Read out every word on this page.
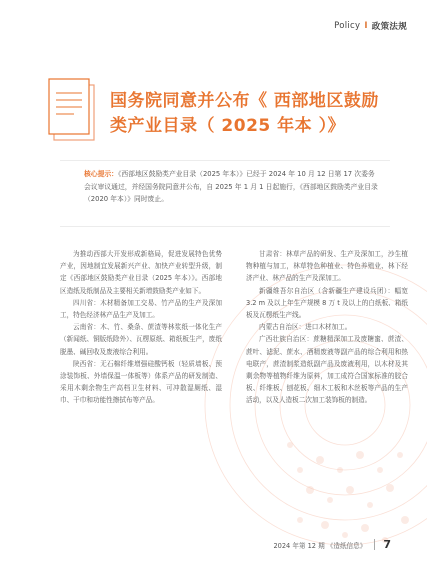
Policy I 政策法规
国务院同意并公布《 西部地区鼓励
类产业目录（ 2025 年本 ）》
核心提示：《西部地区鼓励类产业目录（2025 年本）》已经于 2024 年 10 月 12 日第 17 次委务会议审议通过，并经国务院同意并公布，自 2025 年 1 月 1 日起施行，《西部地区鼓励类产业目录（2020 年本）》同时废止。

为推动西部大开发形成新格局，促进发展特色优势产业，因地制宜发展新兴产业、加快产业转型升级，制定《西部地区鼓励类产业目录（2025 年本）》。西部地区造纸及纸制品及主要相关新增鼓励类产业如下。

四川省：木材精备加工交易、竹产品的生产及深加工，特色经济林产品生产及加工。

云南省：木、竹、桑条、蔗渣等林浆纸一体化生产（新闻纸、铜版纸除外）、瓦楞原纸、箱纸板生产，废纸脱墨、碱回收及废液综合利用。

陕西省：无石棉纤维增强硅酸钙板（轻质墙板、预涂装饰板、外墙保温一体板等）体系产品的研发制造、采用木剩余物生产高档卫生材料、可冲散湿厕纸、湿巾、干巾和功能性擦拭布等产品。

甘肃省：林草产品的研发、生产及深加工，沙生植物种植与加工，林草特色种植业、特色养殖业、林下经济产业、林产品的生产及深加工。

新疆维吾尔自治区（含新疆生产建设兵团）：幅宽 3.2 m 及以上年生产规模 8 万 t 及以上的白纸板、箱纸板及瓦楞纸生产线。

内蒙古自治区：进口木材加工。

广西壮族自治区：蔗糖精深加工及废糖蜜、蔗渣、蔗叶、滤泥、蔗水、酒精废液等副产品的综合利用和热电联产，蔗渣制浆造纸副产品及废液利用，以木材及其剩余物等植物纤维为原料，加工成符合国家标准的胶合板、纤维板、刨花板、细木工板和木丝板等产品的生产活动，以及人造板二次加工装饰板的制造。

2024 年第 12 期 《造纸信息》 7
